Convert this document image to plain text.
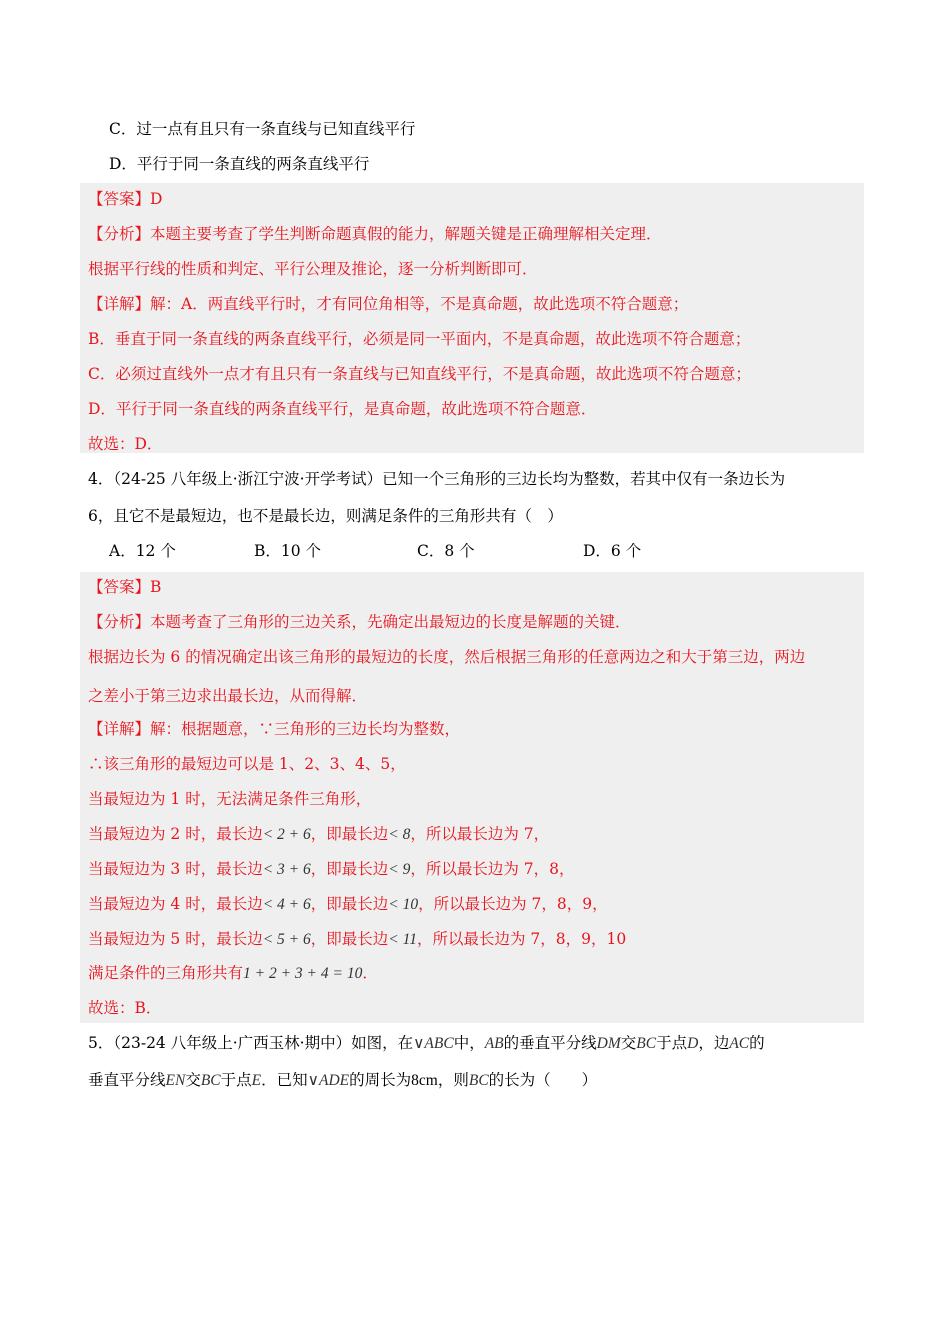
C．过一点有且只有一条直线与已知直线平行
D．平行于同一条直线的两条直线平行
【答案】D
【分析】本题主要考查了学生判断命题真假的能力，解题关键是正确理解相关定理．
根据平行线的性质和判定、平行公理及推论，逐一分析判断即可．
【详解】解：A．两直线平行时，才有同位角相等，不是真命题，故此选项不符合题意；
B．垂直于同一条直线的两条直线平行，必须是同一平面内，不是真命题，故此选项不符合题意；
C．必须过直线外一点才有且只有一条直线与已知直线平行，不是真命题，故此选项不符合题意；
D．平行于同一条直线的两条直线平行，是真命题，故此选项不符合题意．
故选：D．
4．（24-25 八年级上·浙江宁波·开学考试）已知一个三角形的三边长均为整数，若其中仅有一条边长为
6，且它不是最短边，也不是最长边，则满足条件的三角形共有（　）
A．12 个	B．10 个	C．8 个	D．6 个
【答案】B
【分析】本题考查了三角形的三边关系，先确定出最短边的长度是解题的关键．
根据边长为 6 的情况确定出该三角形的最短边的长度，然后根据三角形的任意两边之和大于第三边，两边
之差小于第三边求出最长边，从而得解．
【详解】解：根据题意，∵三角形的三边长均为整数，
∴该三角形的最短边可以是 1、2、3、4、5，
当最短边为 1 时，无法满足条件三角形，
当最短边为 2 时，最长边< 2 + 6，即最长边< 8，所以最长边为 7，
当最短边为 3 时，最长边< 3 + 6，即最长边< 9，所以最长边为 7，8，
当最短边为 4 时，最长边< 4 + 6，即最长边< 10，所以最长边为 7，8，9，
当最短边为 5 时，最长边< 5 + 6，即最长边< 11，所以最长边为 7，8，9，10
满足条件的三角形共有1 + 2 + 3 + 4 = 10．
故选：B．
5．（23-24 八年级上·广西玉林·期中）如图，在∨ABC中，AB的垂直平分线DM交BC于点D，边AC的
垂直平分线EN交BC于点E．已知∨ADE的周长为8cm，则BC的长为（　　）
